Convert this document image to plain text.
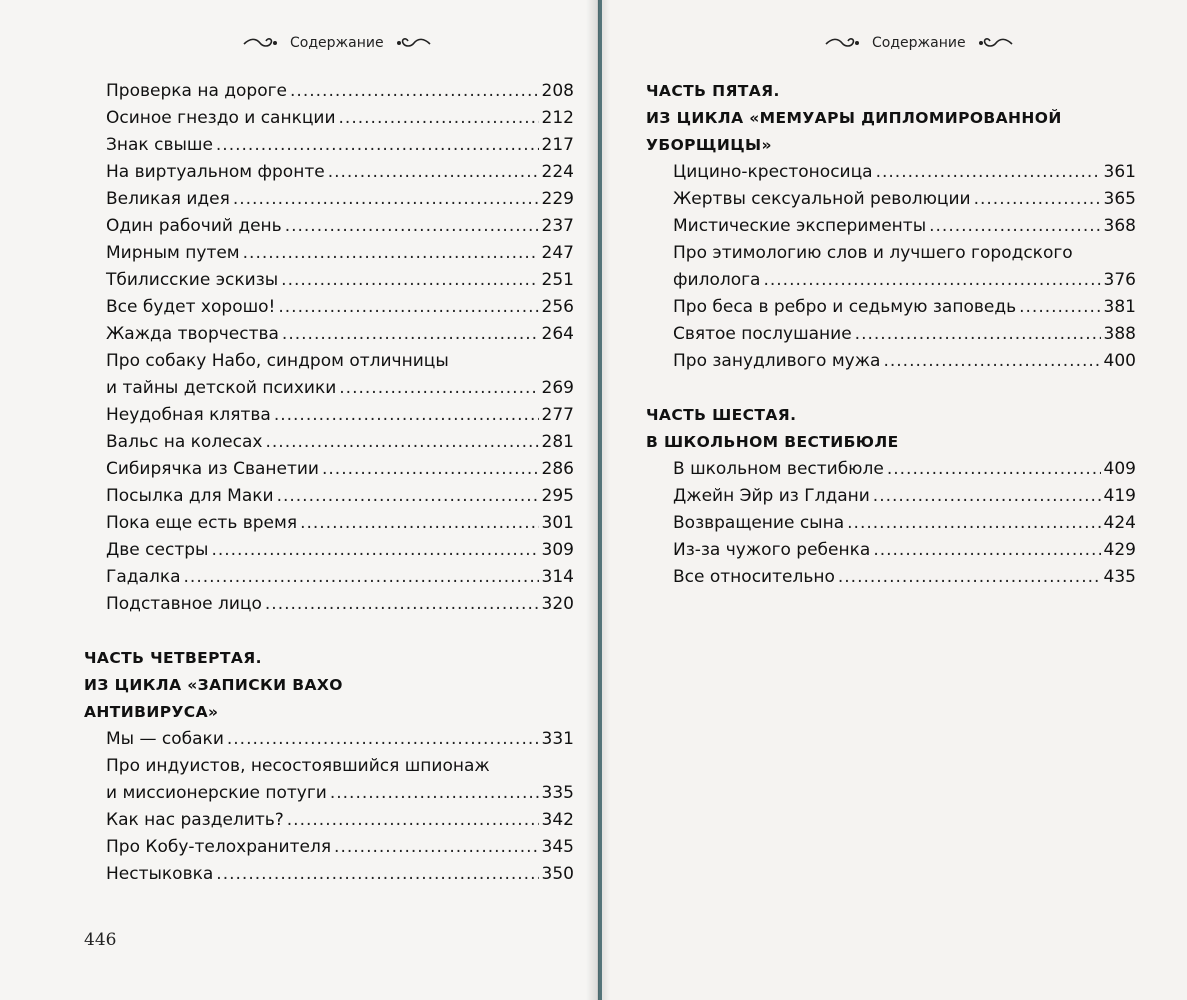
Содержание
Проверка на дороге .....	208
Осиное гнездо и санкции .....	212
Знак свыше .....	217
На виртуальном фронте .....	224
Великая идея .....	229
Один рабочий день .....	237
Мирным путем .....	247
Тбилисские эскизы .....	251
Все будет хорошо! .....	256
Жажда творчества .....	264
Про собаку Набо, синдром отличницы
и тайны детской психики .....	269
Неудобная клятва .....	277
Вальс на колесах .....	281
Сибирячка из Сванетии .....	286
Посылка для Маки .....	295
Пока еще есть время .....	301
Две сестры .....	309
Гадалка .....	314
Подставное лицо .....	320
ЧАСТЬ ЧЕТВЕРТАЯ.
ИЗ ЦИКЛА «ЗАПИСКИ ВАХО
АНТИВИРУСА»
Мы — собаки .....	331
Про индуистов, несостоявшийся шпионаж
и миссионерские потуги .....	335
Как нас разделить? .....	342
Про Кобу-телохранителя .....	345
Нестыковка .....	350
446
Содержание
ЧАСТЬ ПЯТАЯ.
ИЗ ЦИКЛА «МЕМУАРЫ ДИПЛОМИРОВАННОЙ
УБОРЩИЦЫ»
Цицино-крестоносица .....	361
Жертвы сексуальной революции .....	365
Мистические эксперименты .....	368
Про этимологию слов и лучшего городского
филолога .....	376
Про беса в ребро и седьмую заповедь .....	381
Святое послушание .....	388
Про занудливого мужа .....	400
ЧАСТЬ ШЕСТАЯ.
В ШКОЛЬНОМ ВЕСТИБЮЛЕ
В школьном вестибюле .....	409
Джейн Эйр из Глдани .....	419
Возвращение сына .....	424
Из-за чужого ребенка .....	429
Все относительно .....	435
